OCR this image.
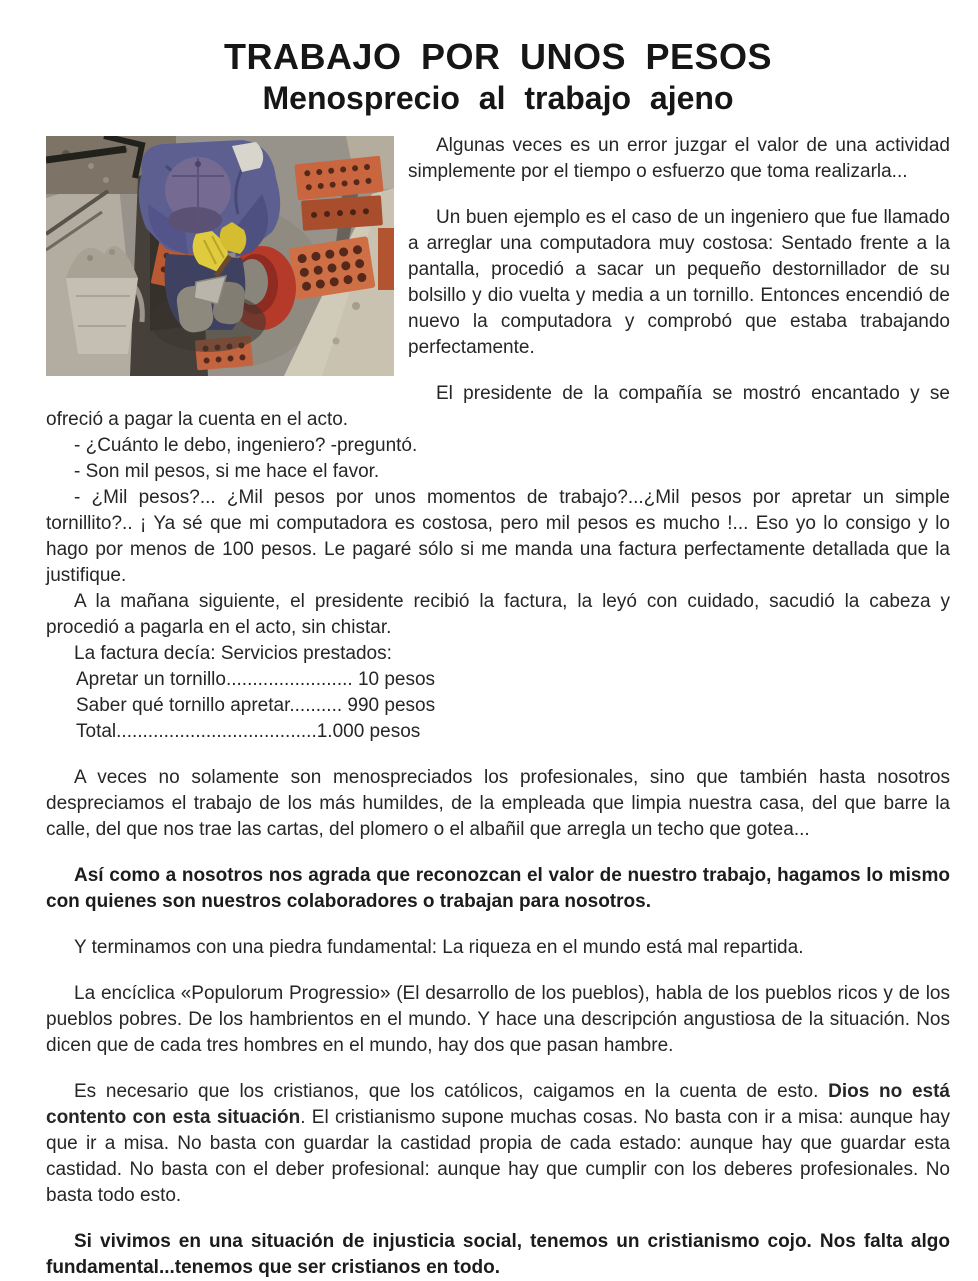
TRABAJO POR UNOS PESOS
Menosprecio al trabajo ajeno

Algunas veces es un error juzgar el valor de una actividad simplemente por el tiempo o esfuerzo que toma realizarla...

Un buen ejemplo es el caso de un ingeniero que fue llamado a arreglar una computadora muy costosa: Sentado frente a la pantalla, procedió a sacar un pequeño destornillador de su bolsillo y dio vuelta y media a un tornillo. Entonces encendió de nuevo la computadora y comprobó que estaba trabajando perfectamente.

El presidente de la compañía se mostró encantado y se ofreció a pagar la cuenta en el acto.

- ¿Cuánto le debo, ingeniero? -preguntó.

- Son mil pesos, si me hace el favor.

- ¿Mil pesos?... ¿Mil pesos por unos momentos de trabajo?...¿Mil pesos por apretar un simple tornillito?.. ¡ Ya sé que mi computadora es costosa, pero mil pesos es mucho !... Eso yo lo consigo y lo hago por menos de 100 pesos. Le pagaré sólo si me manda una factura perfectamente detallada que la justifique.

A la mañana siguiente, el presidente recibió la factura, la leyó con cuidado, sacudió la cabeza y procedió a pagarla en el acto, sin chistar.

La factura decía: Servicios prestados:

Apretar un tornillo........................ 10 pesos

Saber qué tornillo apretar.......... 990 pesos

Total......................................1.000 pesos

A veces no solamente son menospreciados los profesionales, sino que también hasta nosotros despreciamos el trabajo de los más humildes, de la empleada que limpia nuestra casa, del que barre la calle, del que nos trae las cartas, del plomero o el albañil que arregla un techo que gotea...

Así como a nosotros nos agrada que reconozcan el valor de nuestro trabajo, hagamos lo mismo con quienes son nuestros colaboradores o trabajan para nosotros.

Y terminamos con una piedra fundamental: La riqueza en el mundo está mal repartida.

La encíclica «Populorum Progressio» (El desarrollo de los pueblos), habla de los pueblos ricos y de los pueblos pobres. De los hambrientos en el mundo. Y hace una descripción angustiosa de la situación. Nos dicen que de cada tres hombres en el mundo, hay dos que pasan hambre.

Es necesario que los cristianos, que los católicos, caigamos en la cuenta de esto. Dios no está contento con esta situación. El cristianismo supone muchas cosas. No basta con ir a misa: aunque hay que ir a misa. No basta con guardar la castidad propia de cada estado: aunque hay que guardar esta castidad. No basta con el deber profesional: aunque hay que cumplir con los deberes profesionales. No basta todo esto.

Si vivimos en una situación de injusticia social, tenemos un cristianismo cojo. Nos falta algo fundamental...tenemos que ser cristianos en todo.
